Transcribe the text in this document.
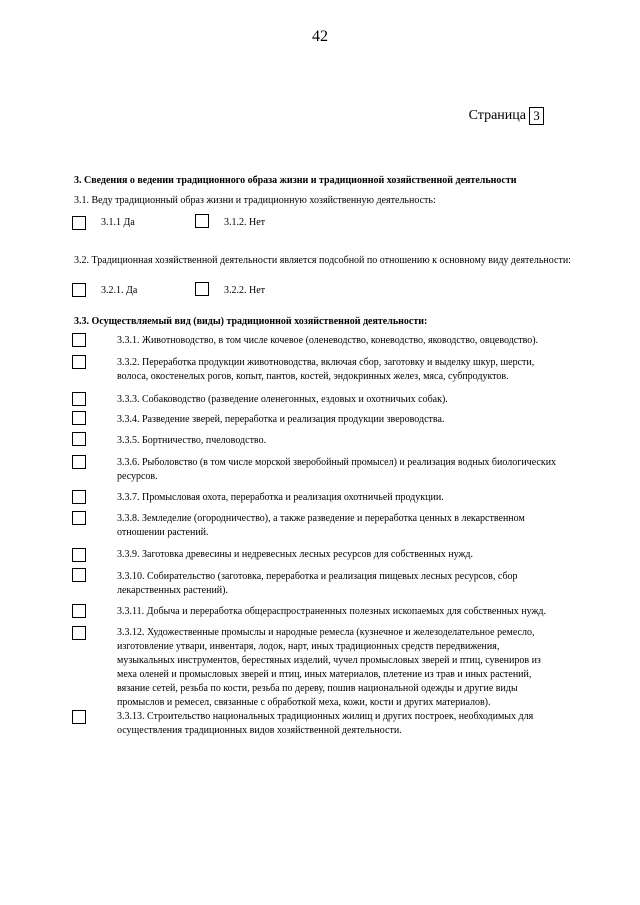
42
Страница 3
3. Сведения о ведении традиционного образа жизни и традиционной хозяйственной деятельности
3.1. Веду традиционный образ жизни и традиционную хозяйственную деятельность:
3.1.1 Да	3.1.2. Нет
3.2. Традиционная хозяйственной деятельности является подсобной по отношению к основному виду деятельности:
3.2.1. Да	3.2.2. Нет
3.3. Осуществляемый вид (виды) традиционной хозяйственной деятельности:
3.3.1. Животноводство, в том числе кочевое (оленеводство, коневодство, яководство, овцеводство).
3.3.2. Переработка продукции животноводства, включая сбор, заготовку и выделку шкур, шерсти, волоса, окостенелых рогов, копыт, пантов, костей, эндокринных желез, мяса, субпродуктов.
3.3.3. Собаководство (разведение оленегонных, ездовых и охотничьих собак).
3.3.4. Разведение зверей, переработка и реализация продукции звероводства.
3.3.5. Бортничество, пчеловодство.
3.3.6. Рыболовство (в том числе морской зверобойный промысел) и реализация водных биологических ресурсов.
3.3.7. Промысловая охота, переработка и реализация охотничьей продукции.
3.3.8. Земледелие (огородничество), а также разведение и переработка ценных в лекарственном отношении растений.
3.3.9. Заготовка древесины и недревесных лесных ресурсов для собственных нужд.
3.3.10. Собирательство (заготовка, переработка и реализация пищевых лесных ресурсов, сбор лекарственных растений).
3.3.11. Добыча и переработка общераспространенных полезных ископаемых для собственных нужд.
3.3.12. Художественные промыслы и народные ремесла (кузнечное и железоделательное ремесло, изготовление утвари, инвентаря, лодок, нарт, иных традиционных средств передвижения, музыкальных инструментов, берестяных изделий, чучел промысловых зверей и птиц, сувениров из меха оленей и промысловых зверей и птиц, иных материалов, плетение из трав и иных растений, вязание сетей, резьба по кости, резьба по дереву, пошив национальной одежды и другие виды промыслов и ремесел, связанные с обработкой меха, кожи, кости и других материалов).
3.3.13. Строительство национальных традиционных жилищ и других построек, необходимых для осуществления традиционных видов хозяйственной деятельности.
